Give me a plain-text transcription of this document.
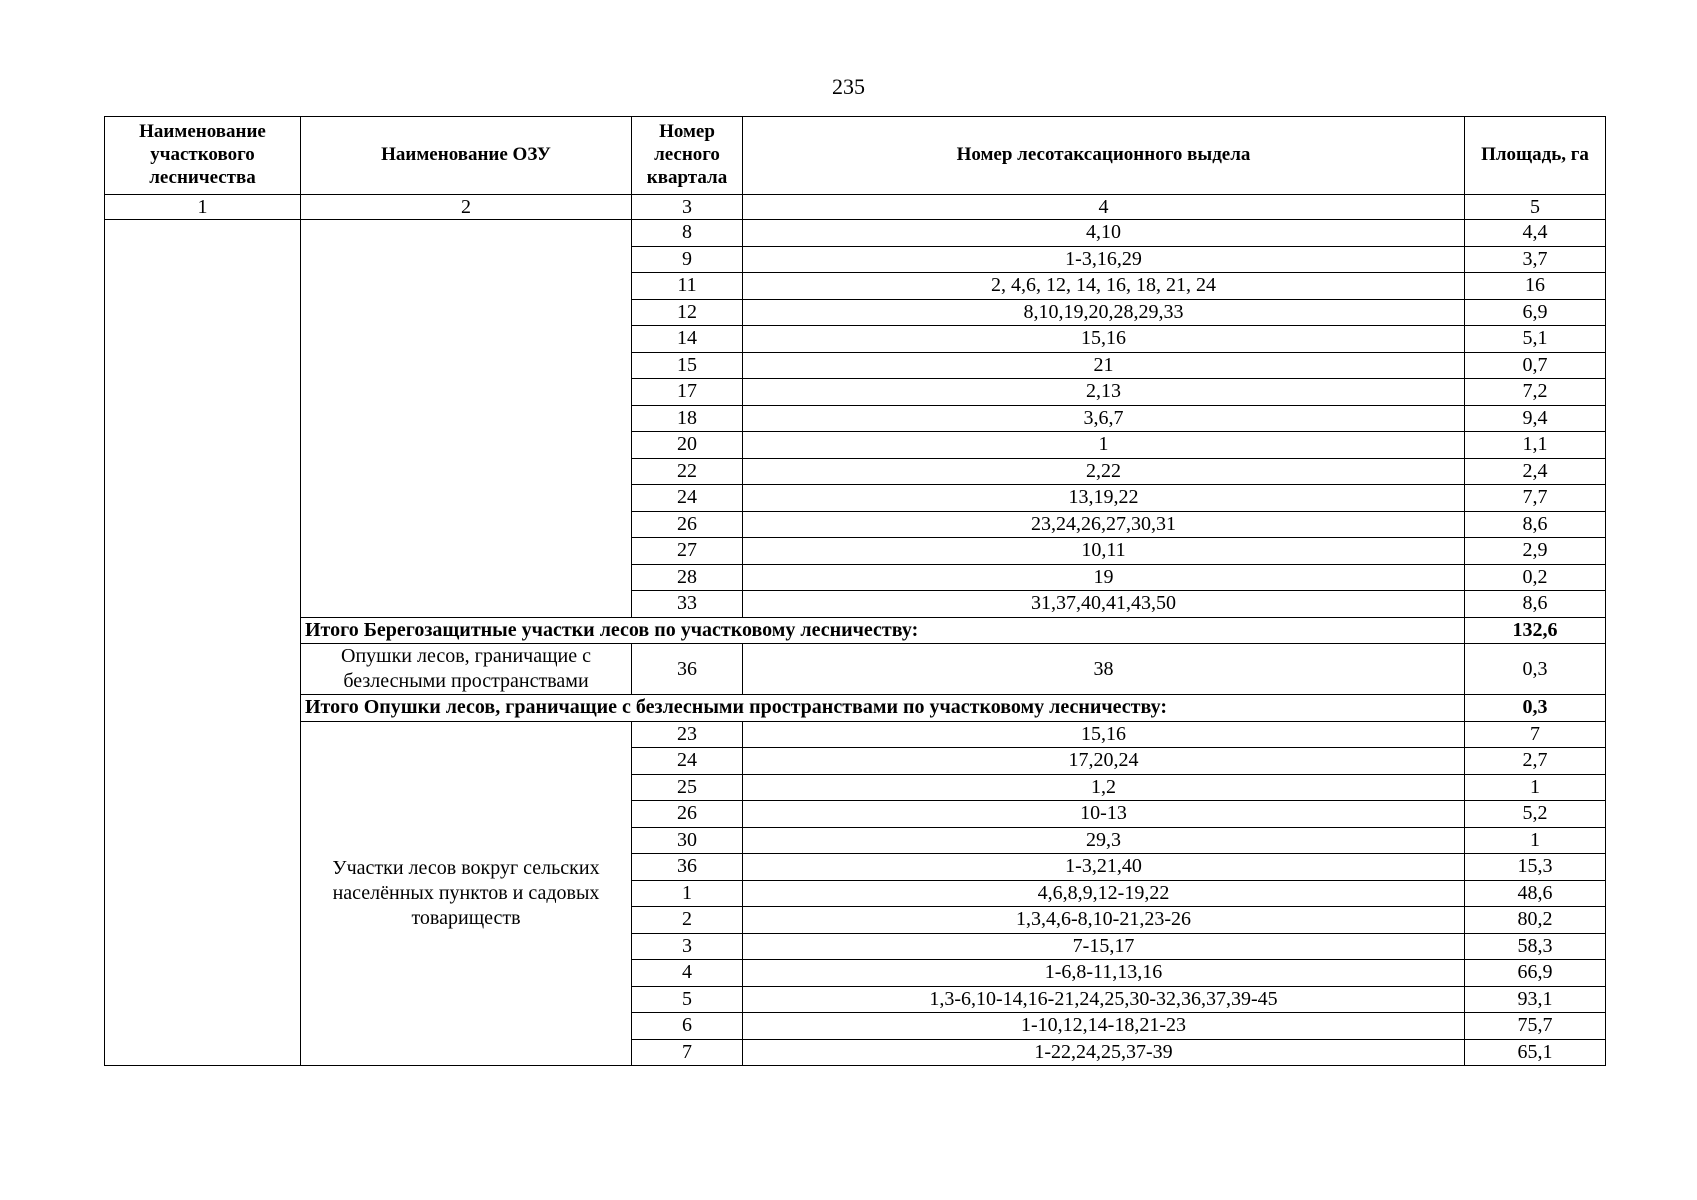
235
Наименование участкового лесничества	Наименование ОЗУ	Номер лесного квартала	Номер лесотаксационного выдела	Площадь, га
1	2	3	4	5
		8	4,10	4,4
		9	1-3,16,29	3,7
		11	2, 4,6, 12, 14, 16, 18, 21, 24	16
		12	8,10,19,20,28,29,33	6,9
		14	15,16	5,1
		15	21	0,7
		17	2,13	7,2
		18	3,6,7	9,4
		20	1	1,1
		22	2,22	2,4
		24	13,19,22	7,7
		26	23,24,26,27,30,31	8,6
		27	10,11	2,9
		28	19	0,2
		33	31,37,40,41,43,50	8,6
	Итого Берегозащитные участки лесов по участковому лесничеству:			132,6
	Опушки лесов, граничащие с безлесными пространствами	36	38	0,3
	Итого Опушки лесов, граничащие с безлесными пространствами по участковому лесничеству:			0,3
	Участки лесов вокруг сельских населённых пунктов и садовых товариществ	23	15,16	7
		24	17,20,24	2,7
		25	1,2	1
		26	10-13	5,2
		30	29,3	1
		36	1-3,21,40	15,3
		1	4,6,8,9,12-19,22	48,6
		2	1,3,4,6-8,10-21,23-26	80,2
		3	7-15,17	58,3
		4	1-6,8-11,13,16	66,9
		5	1,3-6,10-14,16-21,24,25,30-32,36,37,39-45	93,1
		6	1-10,12,14-18,21-23	75,7
		7	1-22,24,25,37-39	65,1
